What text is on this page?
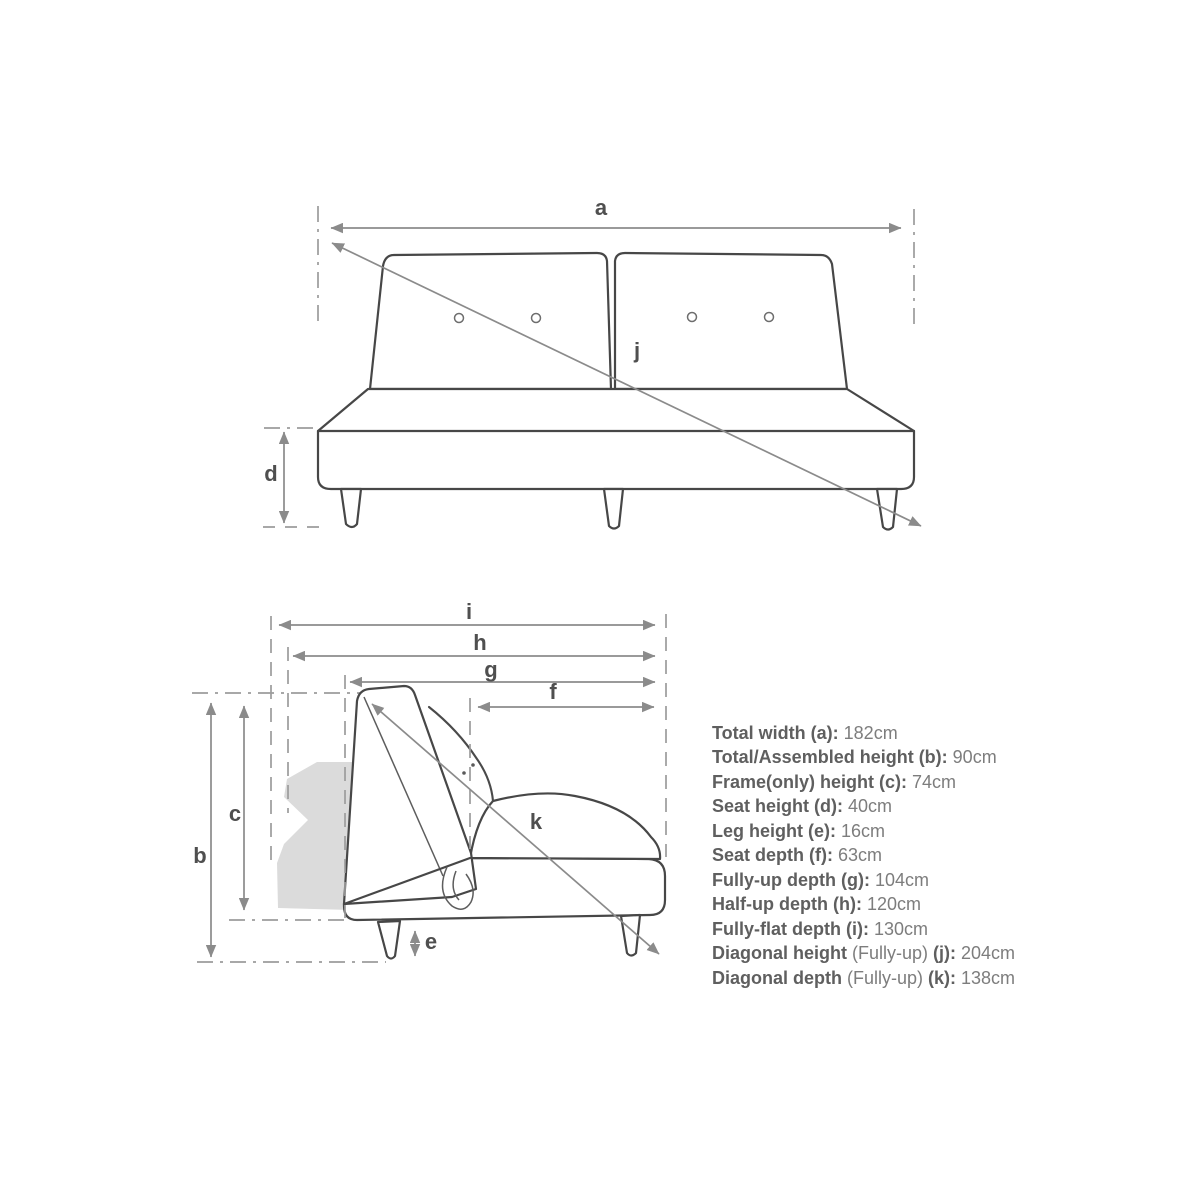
a
j
d
i
h
g
f
b
c
e
k
Total width (a): 182cm
Total/Assembled height (b): 90cm
Frame(only) height (c): 74cm
Seat height (d): 40cm
Leg height (e): 16cm
Seat depth (f): 63cm
Fully-up depth (g): 104cm
Half-up depth (h): 120cm
Fully-flat depth (i): 130cm
Diagonal height (Fully-up) (j): 204cm
Diagonal depth (Fully-up) (k): 138cm
